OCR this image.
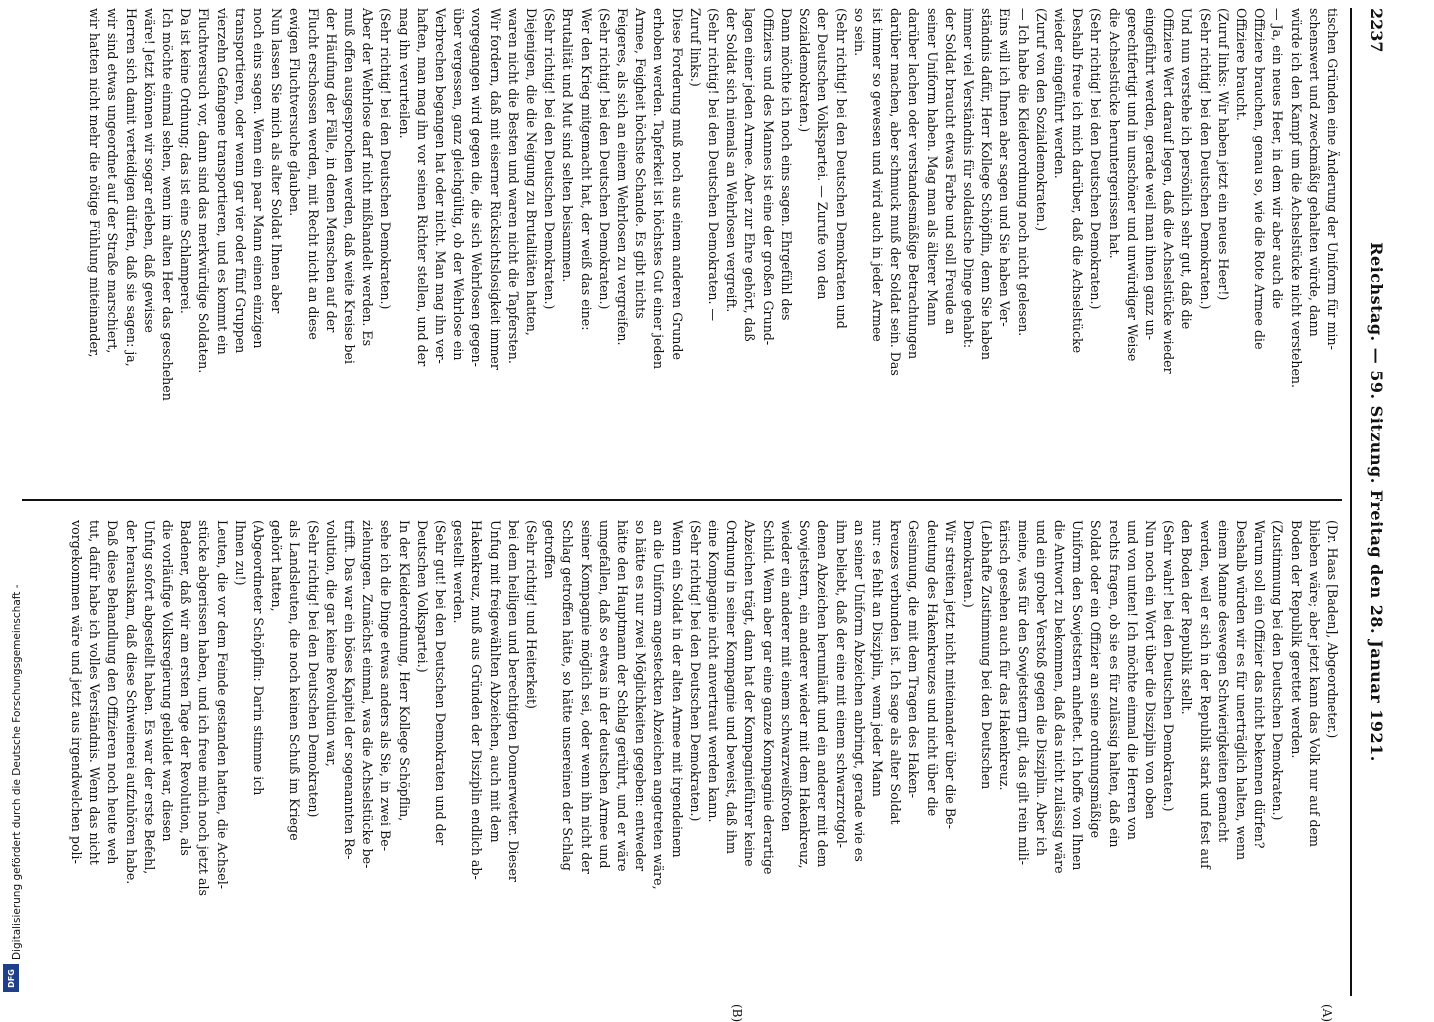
Digitalisierung gefördert durch die Deutsche Forschungsgemeinschaft -
DFG
2237
Reichstag. — 59. Sitzung. Freitag den 28. Januar 1921.
(A)
(B)

tischen Gründen eine Änderung der Uniform für min-

schenswert und zweckmäßig gehalten würde, dann

würde ich den Kampf um die Achselstücke nicht verstehen.

— Ja, ein neues Heer, in dem wir aber auch die

Offiziere brauchen, genau so, wie die Rote Armee die

Offiziere braucht.

(Zuruf links: Wir haben jetzt ein neues Heer!)

(Sehr richtig! bei den Deutschen Demokraten.)

Und nun verstehe ich persönlich sehr gut, daß die

Offiziere Wert darauf legen, daß die Achselstücke wieder

eingeführt werden, gerade weil man ihnen ganz un-

gerechtfertigt und in unschöner und unwürdiger Weise

die Achselstücke heruntergerissen hat.

(Sehr richtig! bei den Deutschen Demokraten.)

Deshalb freue ich mich darüber, daß die Achselstücke

wieder eingeführt werden.

(Zuruf von den Sozialdemokraten.)

— Ich habe die Kleiderordnung noch nicht gelesen.

Eins will ich Ihnen aber sagen und Sie haben Ver-

ständnis dafür, Herr Kollege Schöpflin, denn Sie haben

immer viel Verständnis für soldatische Dinge gehabt:

der Soldat braucht etwas Farbe und soll Freude an

seiner Uniform haben. Mag man als älterer Mann

darüber lachen oder verstandesmäßige Betrachtungen

darüber machen, aber schmuck muß der Soldat sein. Das

ist immer so gewesen und wird auch in jeder Armee

so sein.

(Sehr richtig! bei den Deutschen Demokraten und

der Deutschen Volkspartei. — Zurufe von den

Sozialdemokraten.)

Dann möchte ich noch eins sagen. Ehrgefühl des

Offiziers und des Mannes ist eine der großen Grund-

lagen einer jeden Armee. Aber zur Ehre gehört, daß

der Soldat sich niemals an Wehrlosen vergreift.

(Sehr richtig! bei den Deutschen Demokraten. —

Zuruf links.)

Diese Forderung muß noch aus einem anderen Grunde

erhoben werden. Tapferkeit ist höchstes Gut einer jeden

Armee, Feigheit höchste Schande. Es gibt nichts

Feigeres, als sich an einem Wehrlosen zu vergreifen.

(Sehr richtig! bei den Deutschen Demokraten.)

Wer den Krieg mitgemacht hat, der weiß das eine:

Brutalität und Mut sind selten beisammen.

(Sehr richtig! bei den Deutschen Demokraten.)

Diejenigen, die die Neigung zu Brutalitäten hatten,

waren nicht die Besten und waren nicht die Tapfersten.

Wir fordern, daß mit eiserner Rücksichtslosigkeit immer

vorgegangen wird gegen die, die sich Wehrlosen gegen-

über vergessen, ganz gleichgültig, ob der Wehrlose ein

Verbrechen begangen hat oder nicht. Man mag ihn ver-

haften, man mag ihn vor seinen Richter stellen, und der

mag ihn verurteilen.

(Sehr richtig! bei den Deutschen Demokraten.)

Aber der Wehrlose darf nicht mißhandelt werden. Es

muß offen ausgesprochen werden, daß weite Kreise bei

der Häufung der Fälle, in denen Menschen auf der

Flucht erschossen werden, mit Recht nicht an diese

ewigen Fluchtversuche glauben.

Nun lassen Sie mich als alter Soldat Ihnen aber

noch eins sagen. Wenn ein paar Mann einen einzigen

transportieren, oder wenn gar vier oder fünf Gruppen

vierzehn Gefangene transportieren, und es kommt ein

Fluchtversuch vor, dann sind das merkwürdige Soldaten.

Da ist keine Ordnung; das ist eine Schlamperei.

Ich möchte einmal sehen, wenn im alten Heer das geschehen

wäre! Jetzt können wir sogar erleben, daß gewisse

Herren sich damit verteidigen dürfen, daß sie sagen: ja,

wir sind etwas ungeordnet auf der Straße marschiert,

wir hatten nicht mehr die nötige Fühlung miteinander,

(Dr. Haas [Baden], Abgeordneter.)

blieben wäre; aber jetzt kann das Volk nur auf dem

Boden der Republik gerettet werden.

(Zustimmung bei den Deutschen Demokraten.)

Warum soll ein Offizier das nicht bekennen dürfen?

Deshalb würden wir es für unerträglich halten, wenn

einem Manne deswegen Schwierigkeiten gemacht

werden, weil er sich in der Republik stark und fest auf

den Boden der Republik stellt.

(Sehr wahr! bei den Deutschen Demokraten.)

Nun noch ein Wort über die Disziplin von oben

und von unten! Ich möchte einmal die Herren von

rechts fragen, ob sie es für zulässig halten, daß ein

Soldat oder ein Offizier an seine ordnungsmäßige

Uniform den Sowjetstern anheftet. Ich hoffe von Ihnen

die Antwort zu bekommen, daß das nicht zulässig wäre

und ein grober Verstoß gegen die Disziplin. Aber ich

meine, was für den Sowjetstern gilt, das gilt rein mili-

tärisch gesehen auch für das Hakenkreuz.

(Lebhafte Zustimmung bei den Deutschen

Demokraten.)

Wir streiten jetzt nicht miteinander über die Be-

deutung des Hakenkreuzes und nicht über die

Gesinnung, die mit dem Tragen des Haken-

kreuzes verbunden ist. Ich sage als alter Soldat

nur: es fehlt an Disziplin, wenn jeder Mann

an seiner Uniform Abzeichen anbringt, gerade wie es

ihm beliebt, daß der eine mit einem schwarzrotgol-

denen Abzeichen herumläuft und ein anderer mit dem

Sowjetstern, ein anderer wieder mit dem Hakenkreuz,

wieder ein anderer mit einem schwarzweißroten

Schild. Wenn aber gar eine ganze Kompagnie derartige

Abzeichen trägt, dann hat der Kompagnieführer keine

Ordnung in seiner Kompagnie und beweist, daß ihm

eine Kompagnie nicht anvertraut werden kann.

(Sehr richtig! bei den Deutschen Demokraten.)

Wenn ein Soldat in der alten Armee mit irgendeinem

an die Uniform angesteckten Abzeichen angetreten wäre,

so hätte es nur zwei Möglichkeiten gegeben: entweder

hätte den Hauptmann der Schlag gerührt, und er wäre

umgefallen, daß so etwas in der deutschen Armee und

seiner Kompagnie möglich sei, oder wenn ihn nicht der

Schlag getroffen hätte, so hätte unsereinen der Schlag

getroffen

(Sehr richtig! und Heiterkeit)

bei dem heiligen und berechtigten Donnerwetter. Dieser

Unfug mit freigewählten Abzeichen, auch mit dem

Hakenkreuz, muß aus Gründen der Disziplin endlich ab-

gestellt werden.

(Sehr gut! bei den Deutschen Demokraten und der

Deutschen Volkspartei.)

In der Kleiderordnung, Herr Kollege Schöpflin,

sehe ich die Dinge etwas anders als Sie, in zwei Be-

ziehungen. Zunächst einmal, was die Achselstücke be-

trifft. Das war ein böses Kapitel der sogenannten Re-

volution, die gar keine Revolution war,

(Sehr richtig! bei den Deutschen Demokraten)

als Landsleuten, die noch keinen Schuß im Kriege

gehört hatten,

(Abgeordneter Schöpflin: Darin stimme ich

Ihnen zu!)

Leuten, die vor dem Feinde gestanden hatten, die Achsel-

stücke abgerissen haben, und ich freue mich noch jetzt als

Badener, daß wir am ersten Tage der Revolution, als

die vorläufige Volksregierung gebildet war, diesen

Unfug sofort abgestellt haben. Es war der erste Befehl,

der herauskam, daß diese Schweinerei aufzuhören habe.

Daß diese Behandlung den Offizieren noch heute weh

tut, dafür habe ich volles Verständnis. Wenn das nicht

vorgekommen wäre und jetzt aus irgendwelchen poli-
